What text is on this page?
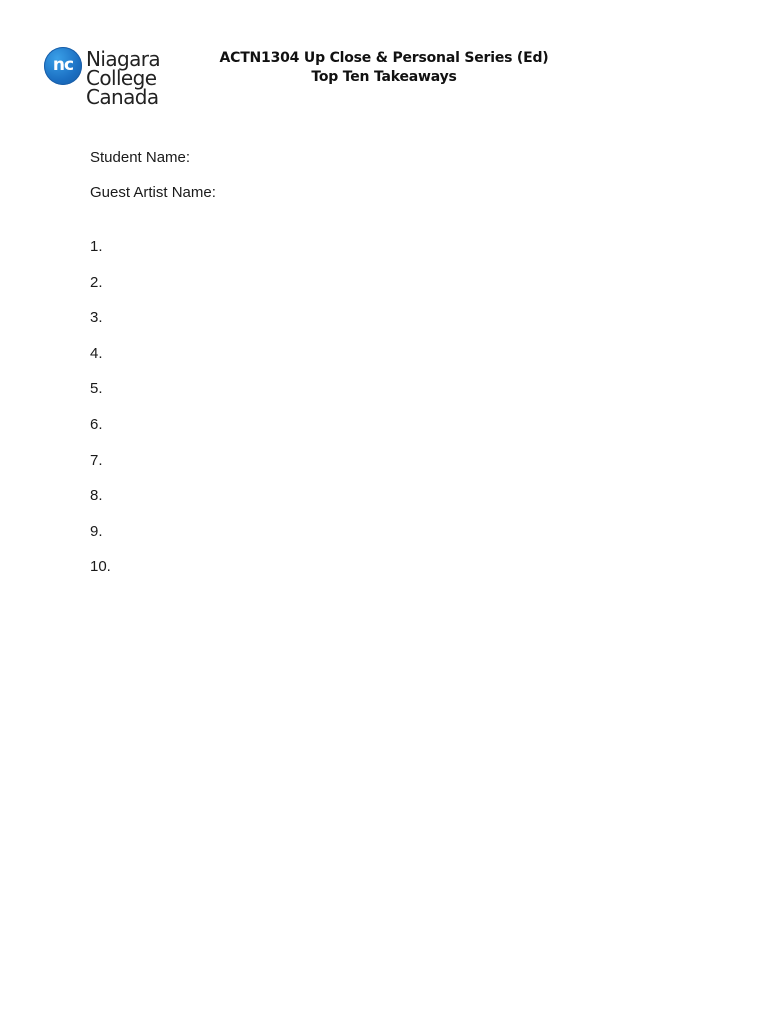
nc Niagara
College
Canada
ACTN1304 Up Close & Personal Series (Ed)
Top Ten Takeaways
Student Name:
Guest Artist Name:
1.
2.
3.
4.
5.
6.
7.
8.
9.
10.
